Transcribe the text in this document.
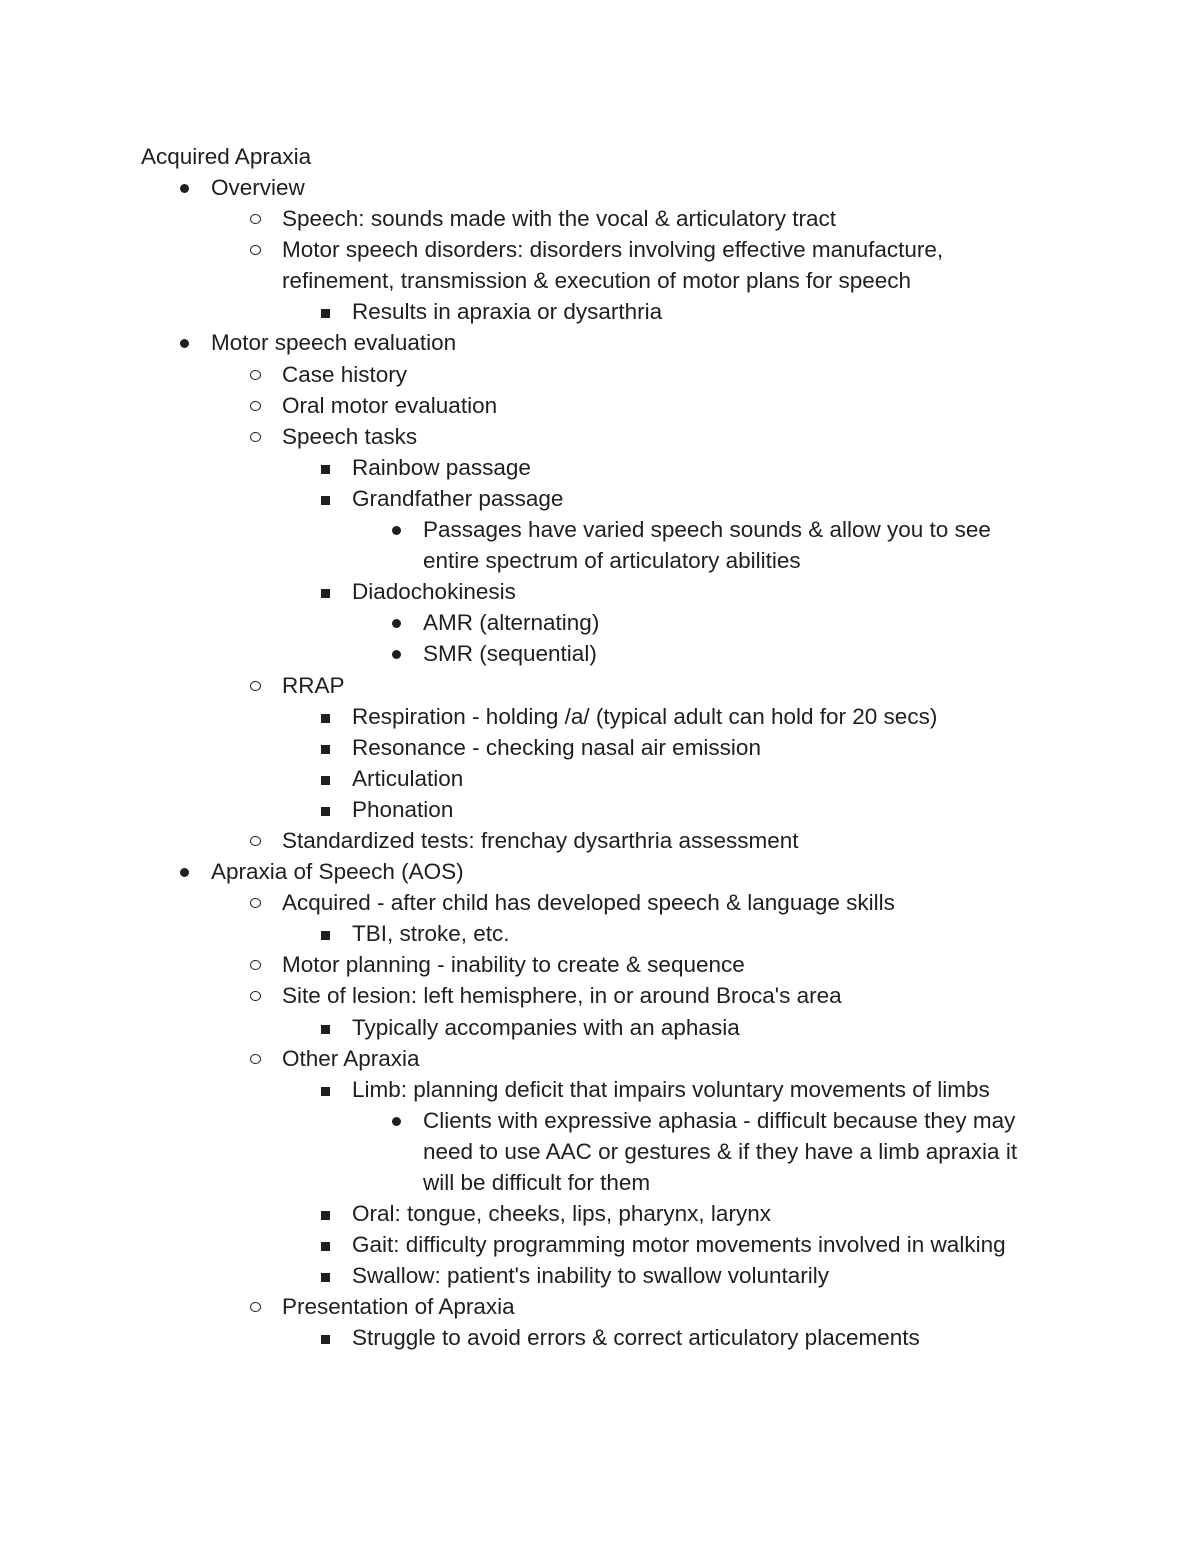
Acquired Apraxia
Overview
Speech: sounds made with the vocal & articulatory tract
Motor speech disorders: disorders involving effective manufacture,
refinement, transmission & execution of motor plans for speech
Results in apraxia or dysarthria
Motor speech evaluation
Case history
Oral motor evaluation
Speech tasks
Rainbow passage
Grandfather passage
Passages have varied speech sounds & allow you to see
entire spectrum of articulatory abilities
Diadochokinesis
AMR (alternating)
SMR (sequential)
RRAP
Respiration - holding /a/ (typical adult can hold for 20 secs)
Resonance - checking nasal air emission
Articulation
Phonation
Standardized tests: frenchay dysarthria assessment
Apraxia of Speech (AOS)
Acquired - after child has developed speech & language skills
TBI, stroke, etc.
Motor planning - inability to create & sequence
Site of lesion: left hemisphere, in or around Broca's area
Typically accompanies with an aphasia
Other Apraxia
Limb: planning deficit that impairs voluntary movements of limbs
Clients with expressive aphasia - difficult because they may
need to use AAC or gestures & if they have a limb apraxia it
will be difficult for them
Oral: tongue, cheeks, lips, pharynx, larynx
Gait: difficulty programming motor movements involved in walking
Swallow: patient's inability to swallow voluntarily
Presentation of Apraxia
Struggle to avoid errors & correct articulatory placements
